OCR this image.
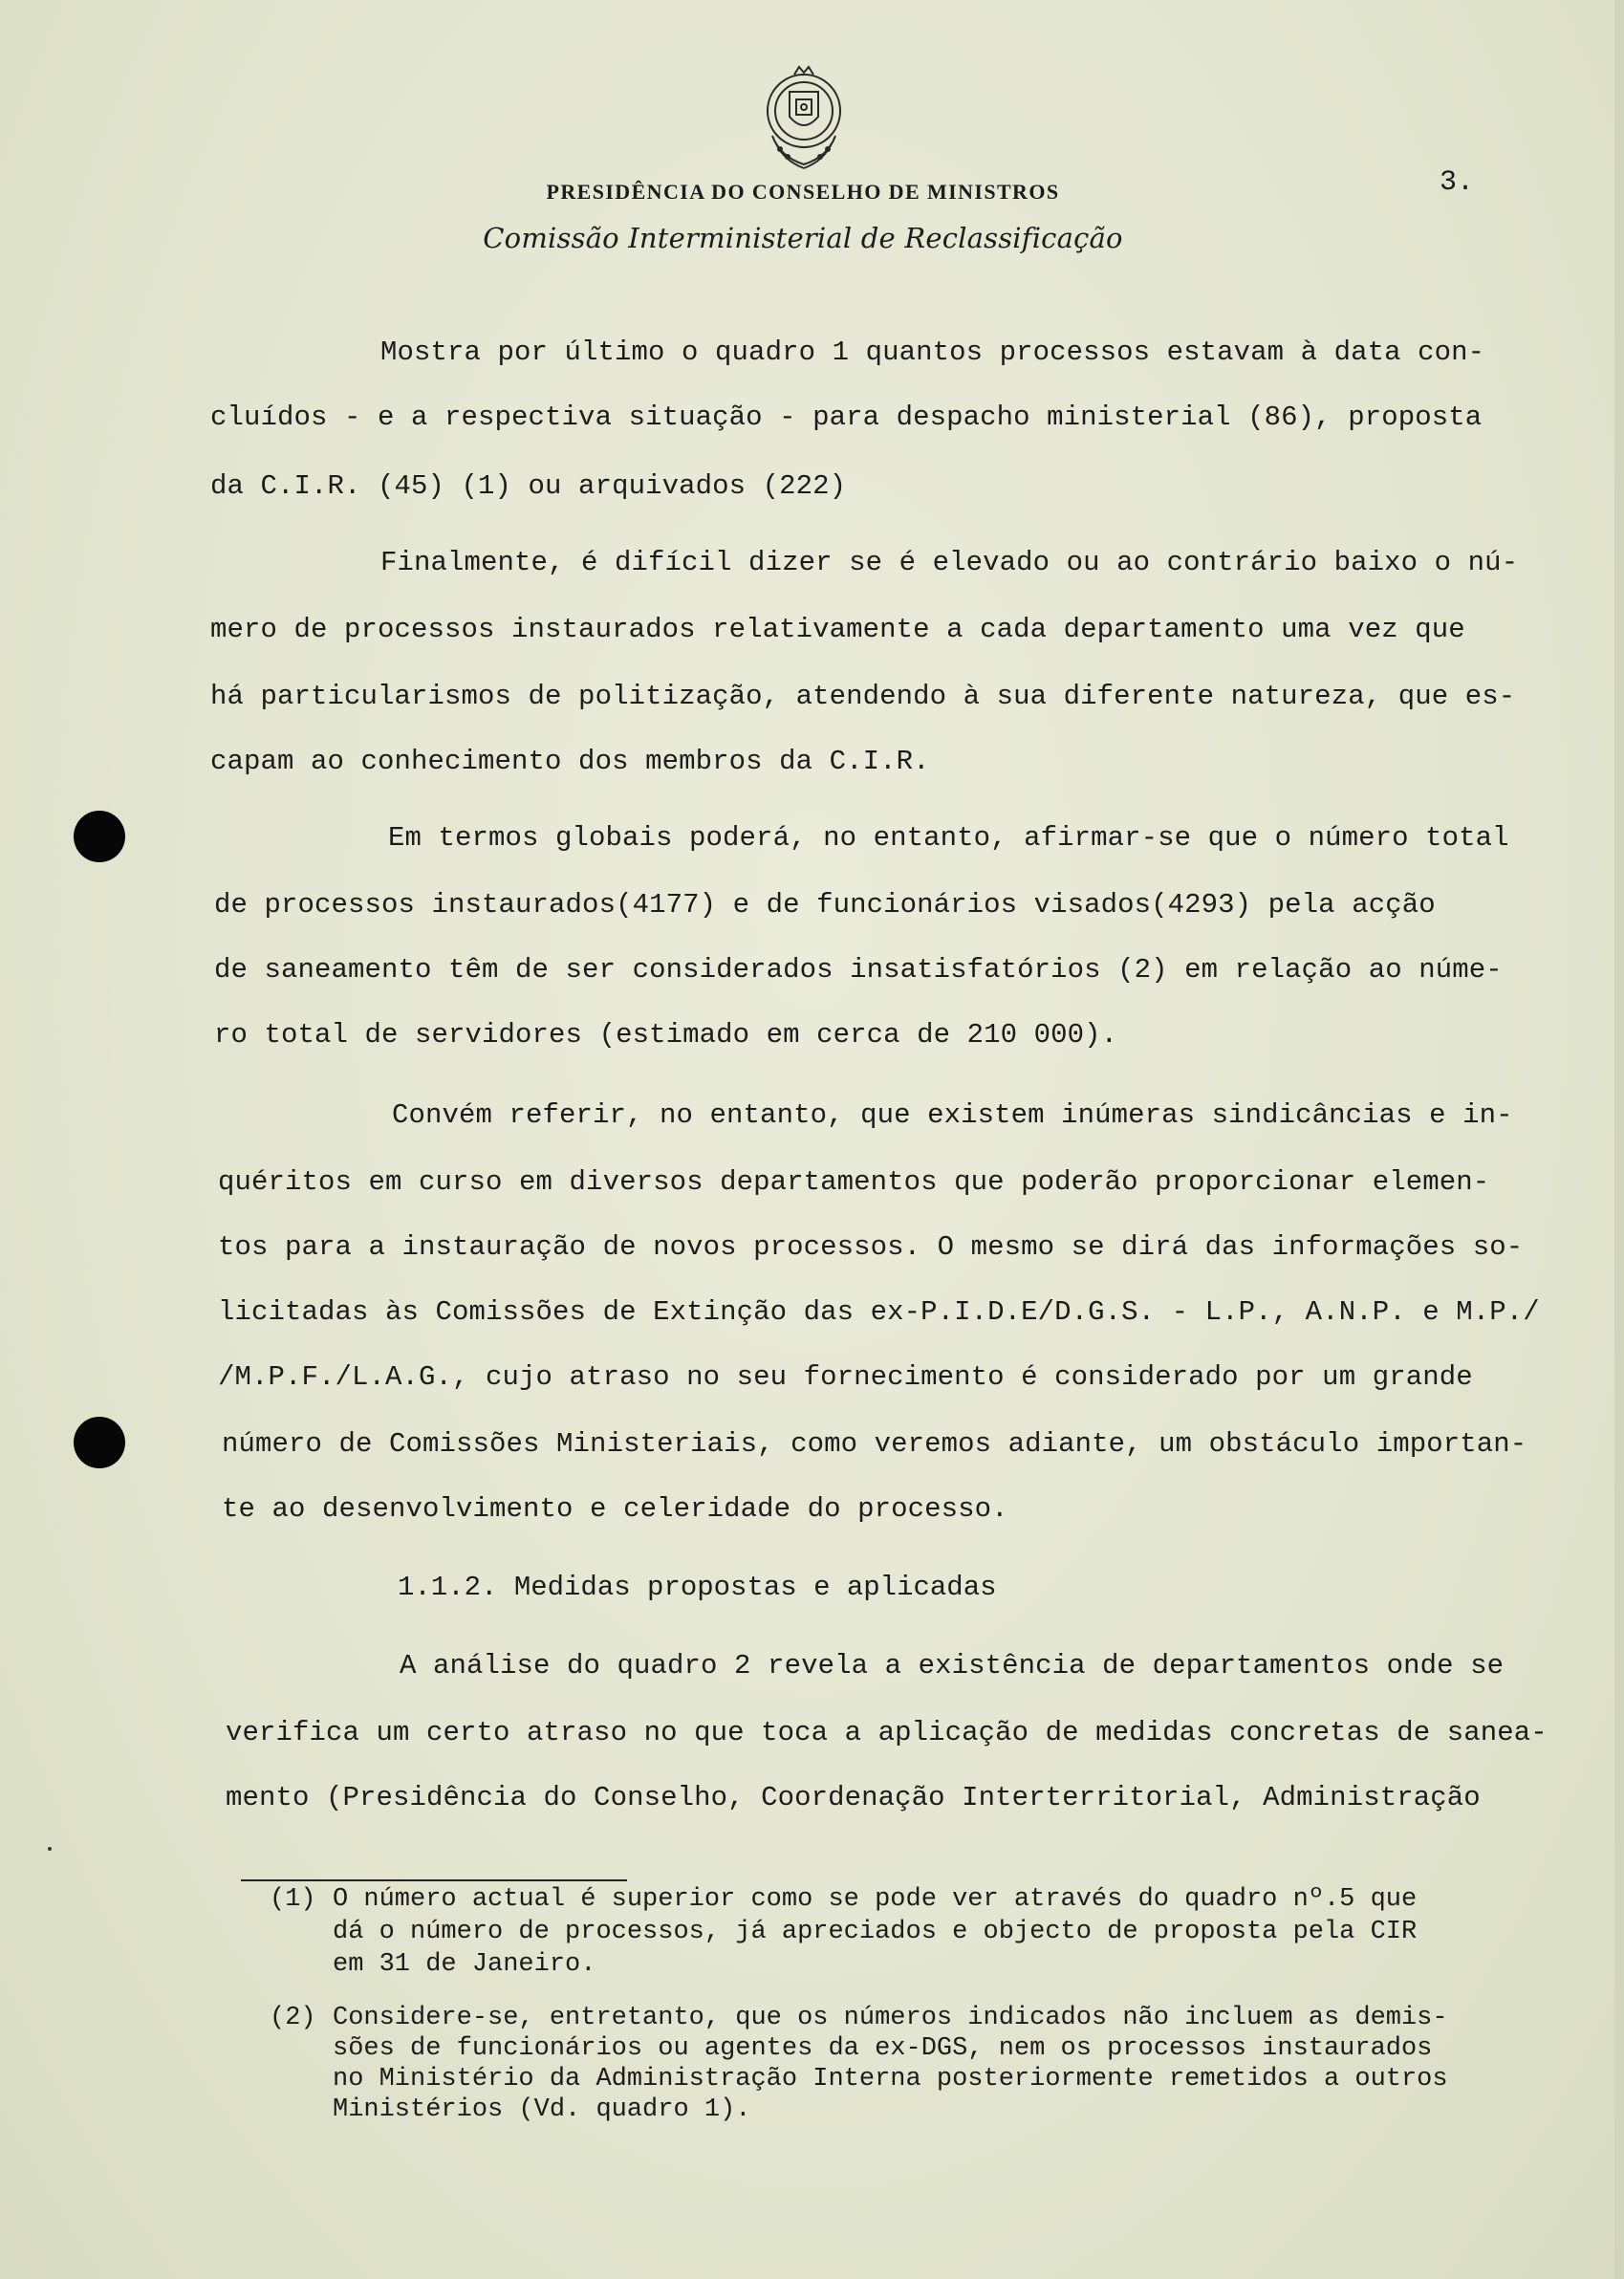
PRESIDÊNCIA DO CONSELHO DE MINISTROS
Comissão Interministerial de Reclassificação
3.
Mostra por último o quadro 1 quantos processos estavam à data con-
cluídos - e a respectiva situação - para despacho ministerial (86), proposta
da C.I.R. (45) (1) ou arquivados (222)
Finalmente, é difícil dizer se é elevado ou ao contrário baixo o nú-
mero de processos instaurados relativamente a cada departamento uma vez que
há particularismos de politização, atendendo à sua diferente natureza, que es-
capam ao conhecimento dos membros da C.I.R.
Em termos globais poderá, no entanto, afirmar-se que o número total
de processos instaurados(4177) e de funcionários visados(4293) pela acção
de saneamento têm de ser considerados insatisfatórios (2) em relação ao núme-
ro total de servidores (estimado em cerca de 210 000).
Convém referir, no entanto, que existem inúmeras sindicâncias e in-
quéritos em curso em diversos departamentos que poderão proporcionar elemen-
tos para a instauração de novos processos. O mesmo se dirá das informações so-
licitadas às Comissões de Extinção das ex-P.I.D.E/D.G.S. - L.P., A.N.P. e M.P./
/M.P.F./L.A.G., cujo atraso no seu fornecimento é considerado por um grande
número de Comissões Ministeriais, como veremos adiante, um obstáculo importan-
te ao desenvolvimento e celeridade do processo.
1.1.2. Medidas propostas e aplicadas
A análise do quadro 2 revela a existência de departamentos onde se
verifica um certo atraso no que toca a aplicação de medidas concretas de sanea-
mento (Presidência do Conselho, Coordenação Interterritorial, Administração
(1) O número actual é superior como se pode ver através do quadro nº.5 que
dá o número de processos, já apreciados e objecto de proposta pela CIR
em 31 de Janeiro.
(2) Considere-se, entretanto, que os números indicados não incluem as demis-
sões de funcionários ou agentes da ex-DGS, nem os processos instaurados
no Ministério da Administração Interna posteriormente remetidos a outros
Ministérios (Vd. quadro 1).
